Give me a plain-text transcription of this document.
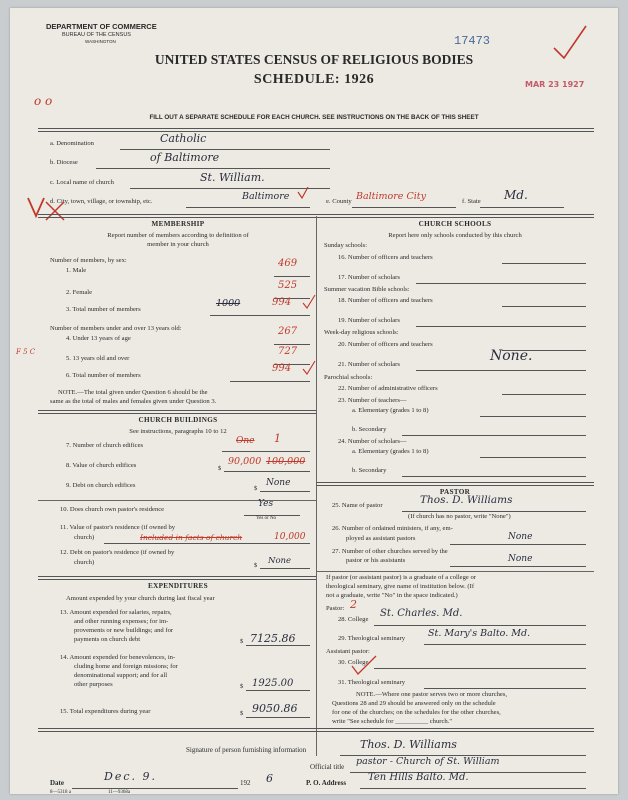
DEPARTMENT OF COMMERCE
BUREAU OF THE CENSUS
WASHINGTON	17473
UNITED STATES CENSUS OF RELIGIOUS BODIES
SCHEDULE: 1926	MAR 23 1927
o o
FILL OUT A SEPARATE SCHEDULE FOR EACH CHURCH. SEE INSTRUCTIONS ON THE BACK OF THIS SHEET
a. Denomination	Catholic
b. Diocese	of Baltimore
c. Local name of church	St. William.
d. City, town, village, or township, etc.	Baltimore	e. County Baltimore City	f. State Md.
MEMBERSHIP
Report number of members according to definition of
member in your church
Number of members, by sex:
1. Male
469
2. Female
525
3. Total number of members
1000	994
Number of members under and over 13 years old:
4. Under 13 years of age
267
5. 13 years old and over
727
F 5 C
6. Total number of members
994
NOTE.—The total given under Question 6 should be the
same as the total of males and females given under Question 3.
CHURCH BUILDINGS
See instructions, paragraphs 10 to 12
7. Number of church edifices	One 1
8. Value of church edifices	$
90,000 100,000
9. Debt on church edifices	$
None
10. Does church own pastor's residence
Yes
Yes or No
11. Value of pastor's residence (if owned by
church)	Included in facts of church	10,000
12. Debt on pastor's residence (if owned by
church)	$ None
EXPENDITURES
Amount expended by your church during last fiscal year
13. Amount expended for salaries, repairs,
and other running expenses; for im-
provements or new buildings; and for
payments on church debt	$ 7125.86
14. Amount expended for benevolences, in-
cluding home and foreign missions; for
denominational support; and for all
other purposes	$ 1925.00
15. Total expenditures during year	$ 9050.86
CHURCH SCHOOLS
Report here only schools conducted by this church
Sunday schools:
16. Number of officers and teachers
17. Number of scholars
Summer vacation Bible schools:
18. Number of officers and teachers
19. Number of scholars
Week-day religious schools:
20. Number of officers and teachers
21. Number of scholars
None.
Parochial schools:
22. Number of administrative officers
23. Number of teachers—
a. Elementary (grades 1 to 8)
b. Secondary
24. Number of scholars—
a. Elementary (grades 1 to 8)
b. Secondary
PASTOR
25. Name of pastor	Thos. D. Williams
(If church has no pastor, write "None")
26. Number of ordained ministers, if any, em-
ployed as assistant pastors	None
27. Number of other churches served by the
pastor or his assistants	None
If pastor (or assistant pastor) is a graduate of a college or
theological seminary, give name of institution below. (If
not a graduate, write "No" in the space indicated.)
Pastor: 2
28. College
St. Charles. Md.
29. Theological seminary St. Mary's Balto. Md.
Assistant pastor:
30. College
31. Theological seminary
NOTE.—Where one pastor serves two or more churches,
Questions 28 and 29 should be answered only on the schedule
for one of the churches; on the schedules for the other churches,
write "See schedule for __________ church."
Signature of person furnishing information	Thos. D. Williams
Official title pastor - Church of St. William
Date	Dec. 9.	192 6	P. O. Address Ten Hills Balto. Md.
8—5318 a	11—9368a
